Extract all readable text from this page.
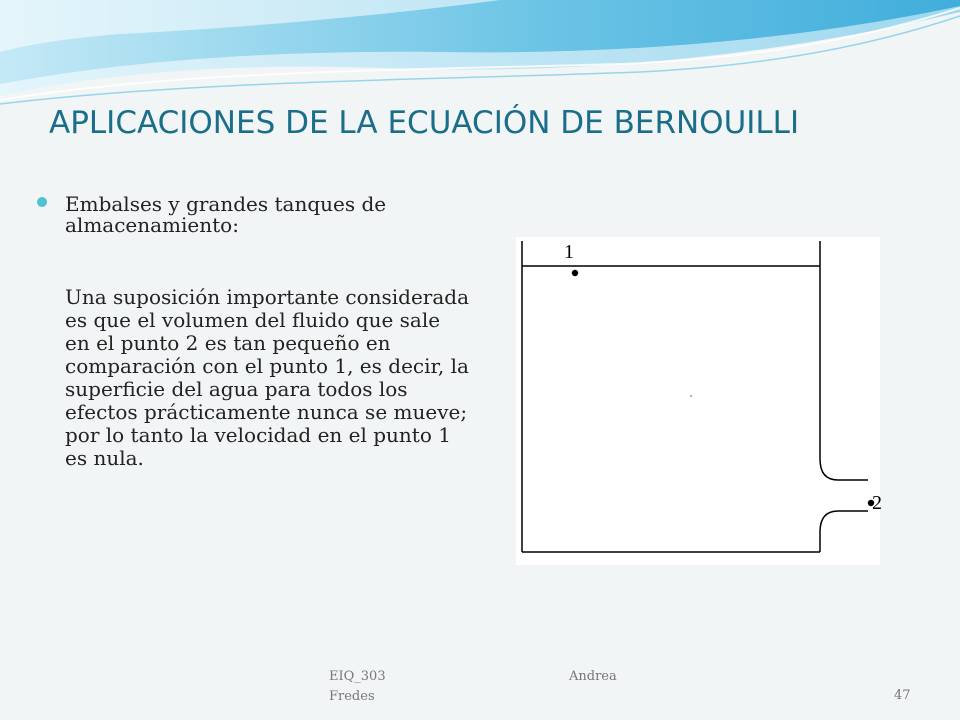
APLICACIONES DE LA ECUACIÓN DE BERNOUILLI
Embalses y grandes tanques de almacenamiento:
Una suposición importante considerada es que el volumen del fluido que sale en el punto 2 es tan pequeño en comparación con el punto 1, es decir, la superficie del agua para todos los efectos prácticamente nunca se mueve; por lo tanto la velocidad en el punto 1 es nula.
1
2
EIQ_303	Andrea
Fredes	47
